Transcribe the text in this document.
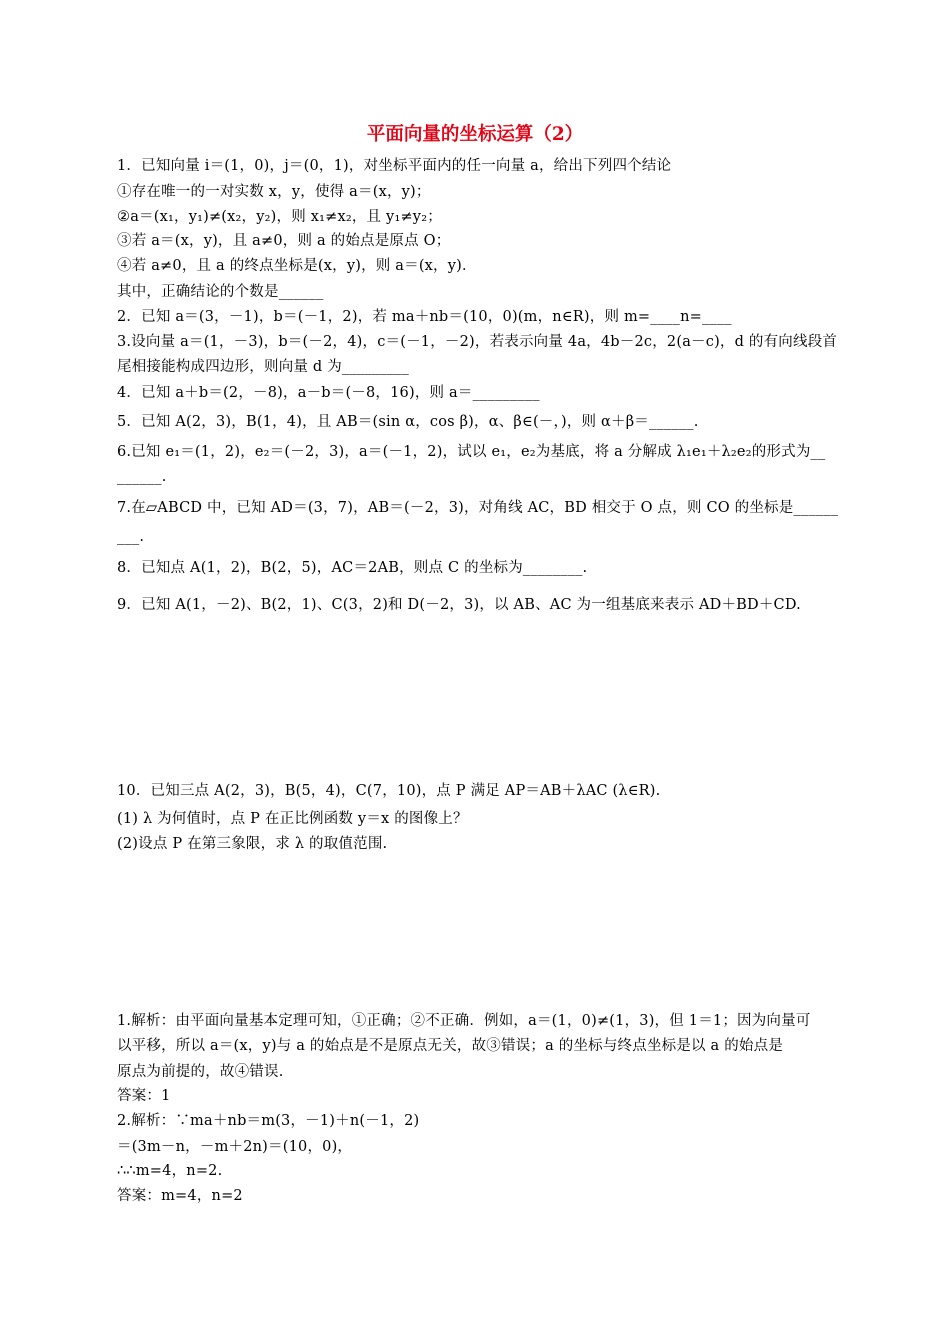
平面向量的坐标运算（2）
1．已知向量 i＝(1，0)，j＝(0，1)，对坐标平面内的任一向量 a，给出下列四个结论
①存在唯一的一对实数 x，y，使得 a＝(x，y)；
②a＝(x₁，y₁)≠(x₂，y₂)，则 x₁≠x₂，且 y₁≠y₂；
③若 a＝(x，y)，且 a≠0，则 a 的始点是原点 O；
④若 a≠0，且 a 的终点坐标是(x，y)，则 a＝(x，y)．
其中，正确结论的个数是______
2．已知 a＝(3，－1)，b＝(－1，2)，若 ma＋nb＝(10，0)(m，n∈R)，则 m=____n=____
3.设向量 a＝(1，－3)，b＝(－2，4)，c＝(－1，－2)，若表示向量 4a，4b－2c，2(a－c)，d 的有向线段首
尾相接能构成四边形，则向量 d 为_________
4．已知 a＋b＝(2，－8)，a－b＝(－8，16)，则 a＝_________
5．已知 A(2，3)，B(1，4)，且 AB＝(sin α，cos β)，α、β∈(－，)，则 α＋β＝______.
6.已知 e₁＝(1，2)，e₂＝(－2，3)，a＝(－1，2)，试以 e₁，e₂为基底，将 a 分解成 λ₁e₁＋λ₂e₂的形式为__
______.
7.在▱ABCD 中，已知 AD＝(3，7)，AB＝(－2，3)，对角线 AC，BD 相交于 O 点，则 CO 的坐标是______
___.
8．已知点 A(1，2)，B(2，5)，AC＝2AB，则点 C 的坐标为________.
9．已知 A(1，－2)、B(2，1)、C(3，2)和 D(－2，3)，以 AB、AC 为一组基底来表示 AD＋BD＋CD.
10．已知三点 A(2，3)，B(5，4)，C(7，10)，点 P 满足 AP＝AB＋λAC (λ∈R).
(1) λ 为何值时，点 P 在正比例函数 y＝x 的图像上？
(2)设点 P 在第三象限，求 λ 的取值范围.
1.解析：由平面向量基本定理可知，①正确；②不正确．例如，a＝(1，0)≠(1，3)，但 1＝1；因为向量可
以平移，所以 a＝(x，y)与 a 的始点是不是原点无关，故③错误；a 的坐标与终点坐标是以 a 的始点是
原点为前提的，故④错误.
答案：1
2.解析：∵ma＋nb＝m(3，－1)＋n(－1，2)
＝(3m－n，－m＋2n)＝(10，0)，
∴∴m=4，n=2.
答案：m=4，n=2
